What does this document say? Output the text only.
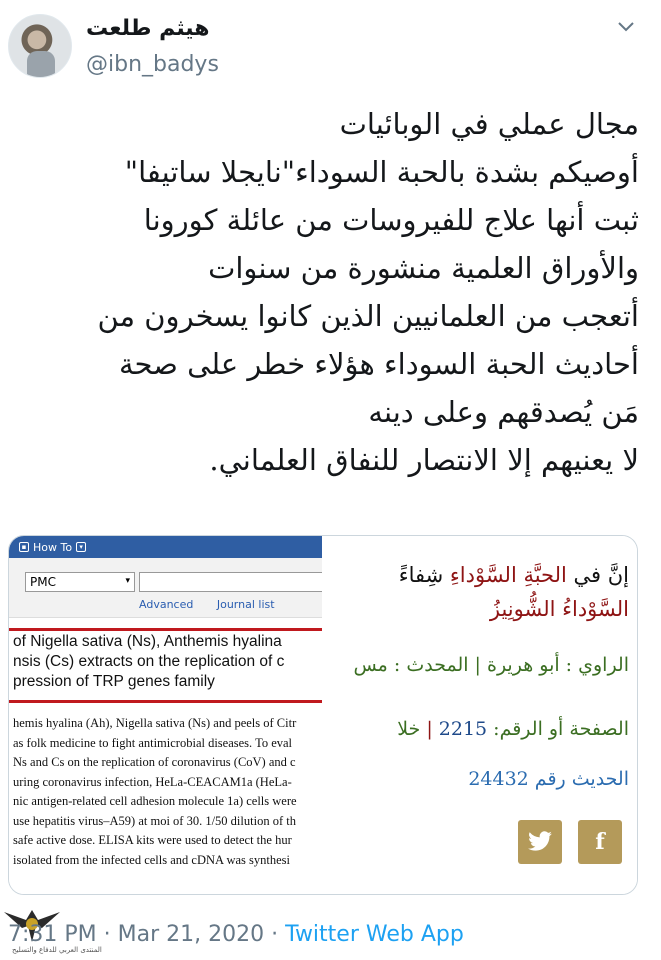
هيثم طلعت
@ibn_badys
مجال عملي في الوبائيات
أوصيكم بشدة بالحبة السوداء"نايجلا ساتيفا"
ثبت أنها علاج للفيروسات من عائلة كورونا
والأوراق العلمية منشورة من سنوات
أتعجب من العلمانيين الذين كانوا يسخرون من
أحاديث الحبة السوداء هؤلاء خطر على صحة
مَن يُصدقهم وعلى دينه
لا يعنيهم إلا الانتصار للنفاق العلماني.
▪ How To	▾
PMC	▾
Advanced Journal list
of Nigella sativa (Ns), Anthemis hyalina
nsis (Cs) extracts on the replication of c
pression of TRP genes family
hemis hyalina (Ah), Nigella sativa (Ns) and peels of Citr
as folk medicine to fight antimicrobial diseases. To eval
Ns and Cs on the replication of coronavirus (CoV) and c
uring coronavirus infection, HeLa-CEACAM1a (HeLa-
nic antigen-related cell adhesion molecule 1a) cells were
use hepatitis virus–A59) at moi of 30. 1/50 dilution of th
safe active dose. ELISA kits were used to detect the hur
isolated from the infected cells and cDNA was synthesi
إنَّ في الحبَّةِ السَّوْداءِ شِفاءً
السَّوْداءُ الشُّونِيزُ
الراوي : أبو هريرة | المحدث : مس
الصفحة أو الرقم: 2215 | خلا
الحديث رقم 24432
f
المنتدى العربي للدفاع والتسليح
7:31 PM · Mar 21, 2020 · Twitter Web App
